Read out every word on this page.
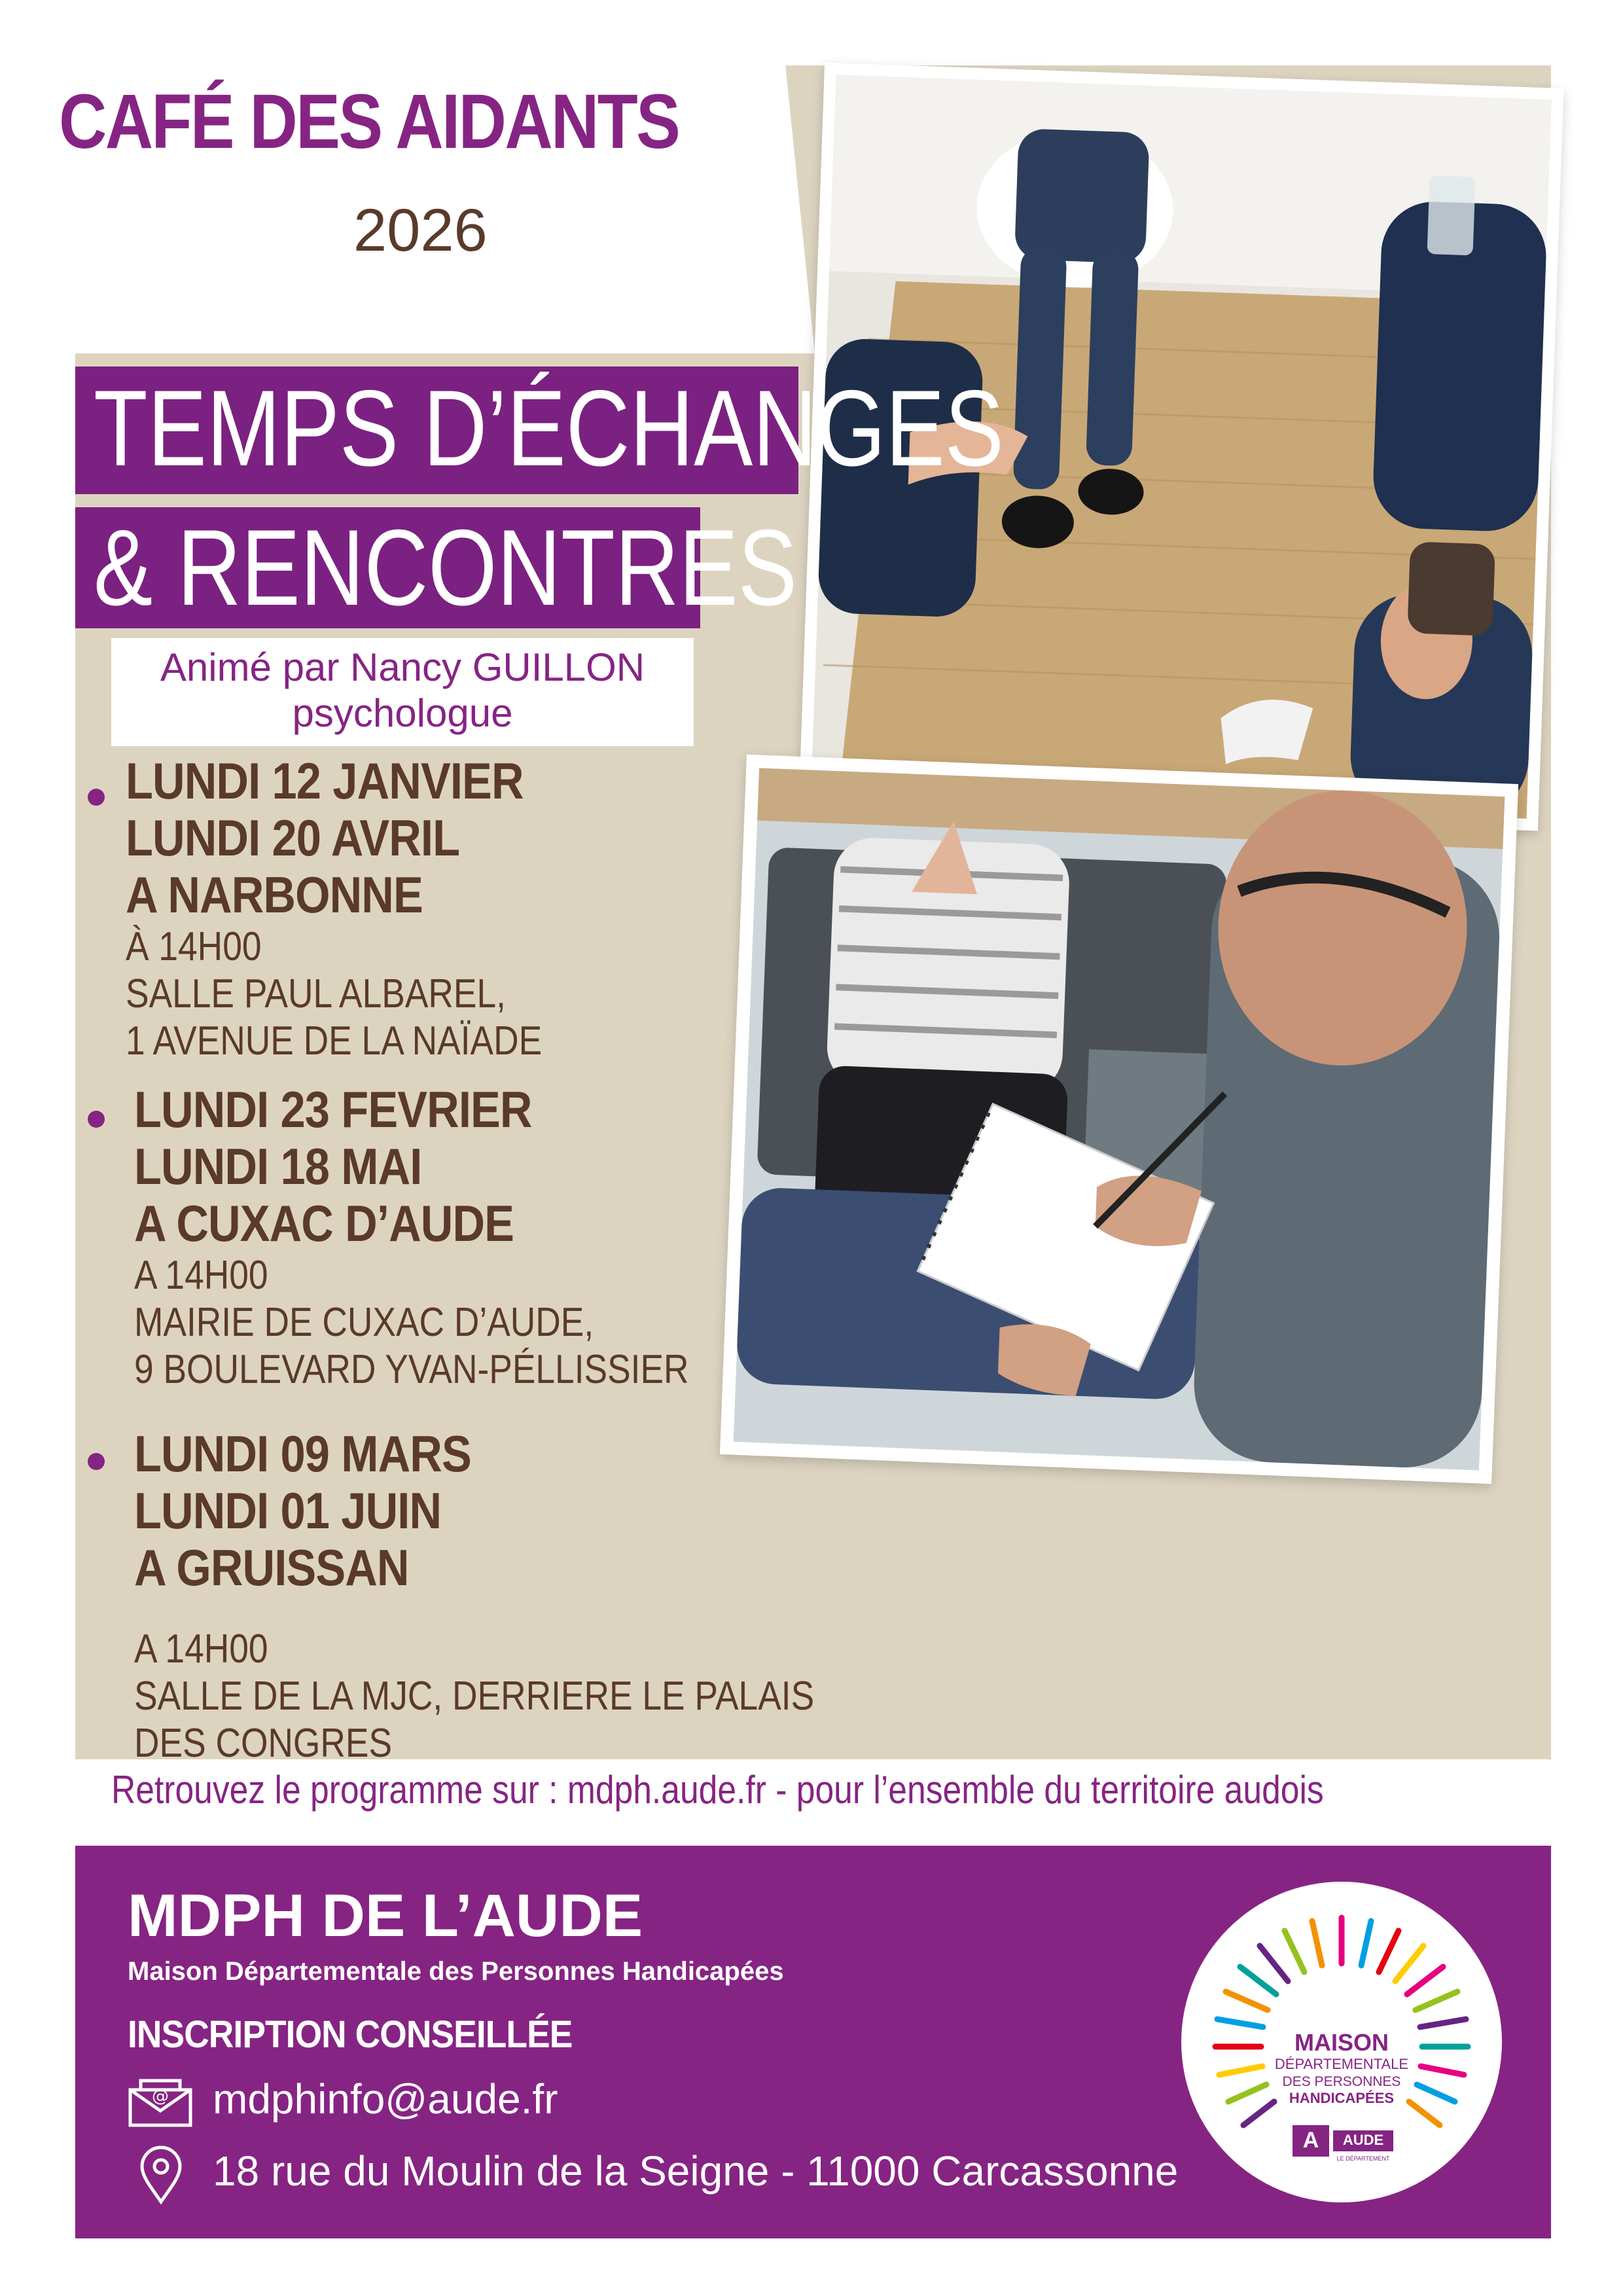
CAFÉ DES AIDANTS
2026
TEMPS D’ÉCHANGES
& RENCONTRES
Animé par Nancy GUILLON
psychologue
LUNDI 12 JANVIER
LUNDI 20 AVRIL
A NARBONNE
À 14H00
SALLE PAUL ALBAREL,
1 AVENUE DE LA NAÏADE
LUNDI 23 FEVRIER
LUNDI 18 MAI
A CUXAC D’AUDE
A 14H00
MAIRIE DE CUXAC D’AUDE,
9 BOULEVARD YVAN-PÉLLISSIER
LUNDI 09 MARS
LUNDI 01 JUIN
A GRUISSAN
A 14H00
SALLE DE LA MJC, DERRIERE LE PALAIS
DES CONGRES
Retrouvez le programme sur : mdph.aude.fr - pour l’ensemble du territoire audois
MDPH DE L’AUDE
Maison Départementale des Personnes Handicapées
INSCRIPTION CONSEILLÉE
@ mdphinfo@aude.fr
18 rue du Moulin de la Seigne - 11000 Carcassonne
MAISON
DÉPARTEMENTALE
DES PERSONNES
HANDICAPÉES
A AUDE
LE DÉPARTEMENT
